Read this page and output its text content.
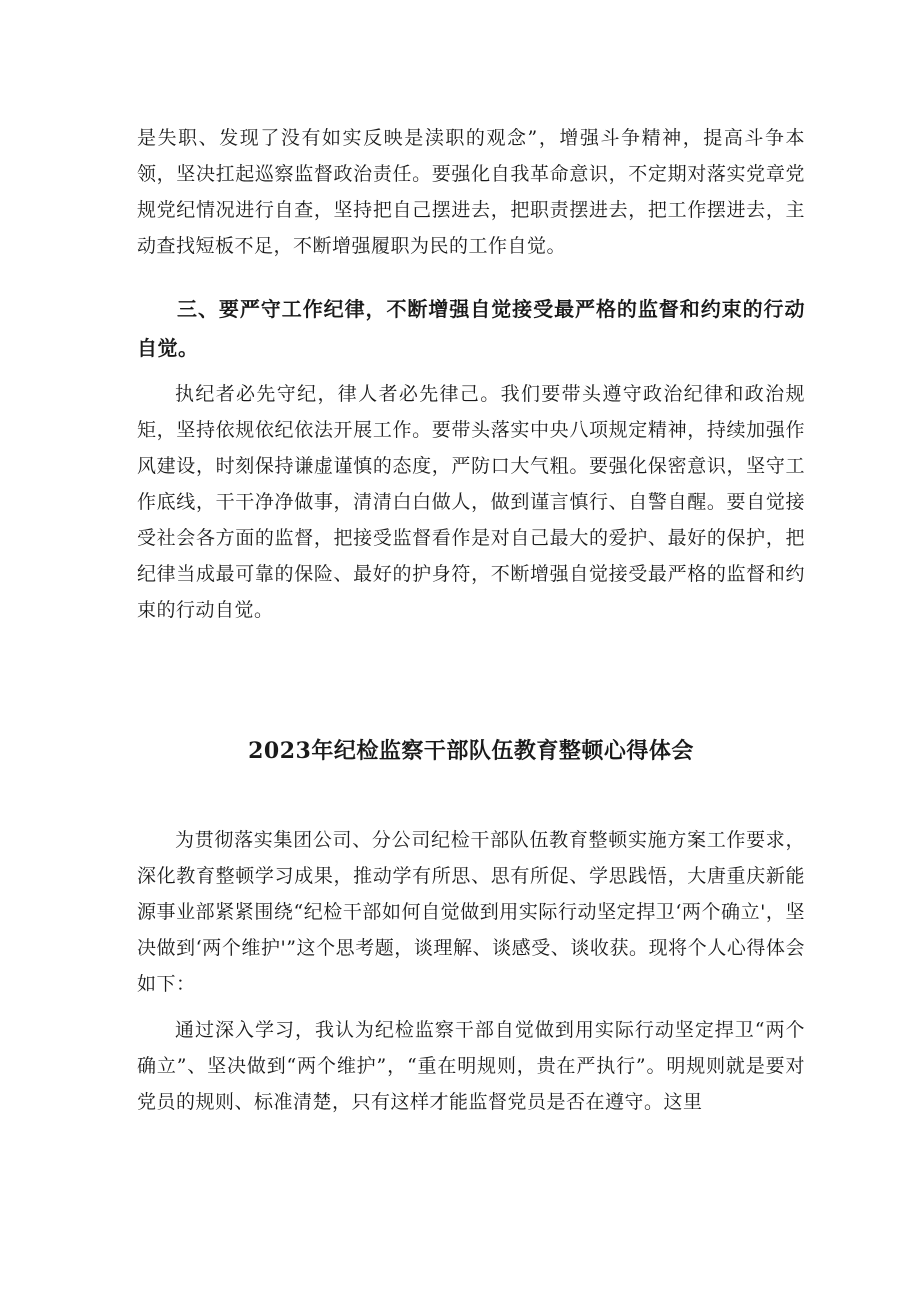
是失职、发现了没有如实反映是渎职的观念”，增强斗争精神，提高斗争本领，坚决扛起巡察监督政治责任。要强化自我革命意识，不定期对落实党章党规党纪情况进行自查，坚持把自己摆进去，把职责摆进去，把工作摆进去，主动查找短板不足，不断增强履职为民的工作自觉。

三、要严守工作纪律，不断增强自觉接受最严格的监督和约束的行动自觉。

执纪者必先守纪，律人者必先律己。我们要带头遵守政治纪律和政治规矩，坚持依规依纪依法开展工作。要带头落实中央八项规定精神，持续加强作风建设，时刻保持谦虚谨慎的态度，严防口大气粗。要强化保密意识，坚守工作底线，干干净净做事，清清白白做人，做到谨言慎行、自警自醒。要自觉接受社会各方面的监督，把接受监督看作是对自己最大的爱护、最好的保护，把纪律当成最可靠的保险、最好的护身符，不断增强自觉接受最严格的监督和约束的行动自觉。

2023年纪检监察干部队伍教育整顿心得体会

为贯彻落实集团公司、分公司纪检干部队伍教育整顿实施方案工作要求，深化教育整顿学习成果，推动学有所思、思有所促、学思践悟，大唐重庆新能源事业部紧紧围绕“纪检干部如何自觉做到用实际行动坚定捍卫‘两个确立'，坚决做到‘两个维护'”这个思考题，谈理解、谈感受、谈收获。现将个人心得体会如下：

通过深入学习，我认为纪检监察干部自觉做到用实际行动坚定捍卫“两个确立”、坚决做到“两个维护”，“重在明规则，贵在严执行”。明规则就是要对党员的规则、标准清楚，只有这样才能监督党员是否在遵守。这里
